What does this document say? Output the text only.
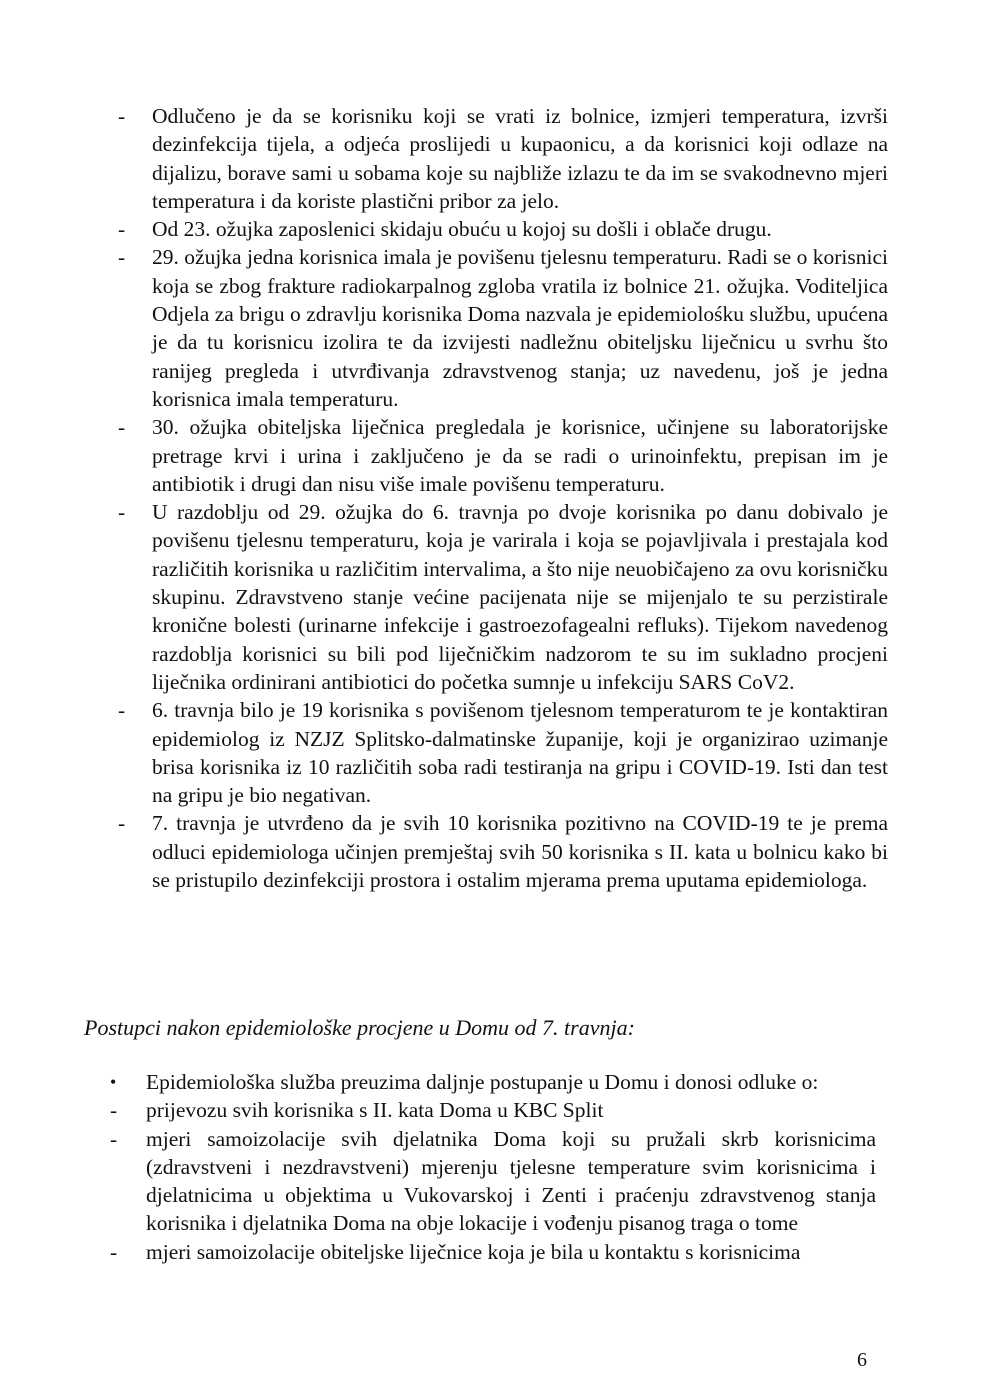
-	Odlučeno je da se korisniku koji se vrati iz bolnice, izmjeri temperatura, izvrši dezinfekcija tijela, a odjeća proslijedi u kupaonicu, a da korisnici koji odlaze na dijalizu, borave sami u sobama koje su najbliže izlazu te da im se svakodnevno mjeri temperatura i da koriste plastični pribor za jelo.
-	Od 23. ožujka zaposlenici skidaju obuću u kojoj su došli i oblače drugu.
-	29. ožujka jedna korisnica imala je povišenu tjelesnu temperaturu. Radi se o korisnici koja se zbog frakture radiokarpalnog zgloba vratila iz bolnice 21. ožujka. Voditeljica Odjela za brigu o zdravlju korisnika Doma nazvala je epidemiolośku službu, upućena je da tu korisnicu izolira te da izvijesti nadležnu obiteljsku liječnicu u svrhu što ranijeg pregleda i utvrđivanja zdravstvenog stanja; uz navedenu, još je jedna korisnica imala temperaturu.
-	30. ožujka obiteljska liječnica pregledala je korisnice, učinjene su laboratorijske pretrage krvi i urina i zaključeno je da se radi o urinoinfektu, prepisan im je antibiotik i drugi dan nisu više imale povišenu temperaturu.
-	U razdoblju od 29. ožujka do 6. travnja po dvoje korisnika po danu dobivalo je povišenu tjelesnu temperaturu, koja je varirala i koja se pojavljivala i prestajala kod različitih korisnika u različitim intervalima, a što nije neuobičajeno za ovu korisničku skupinu. Zdravstveno stanje većine pacijenata nije se mijenjalo te su perzistirale kronične bolesti (urinarne infekcije i gastroezofagealni refluks). Tijekom navedenog razdoblja korisnici su bili pod liječničkim nadzorom te su im sukladno procjeni liječnika ordinirani antibiotici do početka sumnje u infekciju SARS CoV2.
-	6. travnja bilo je 19 korisnika s povišenom tjelesnom temperaturom te je kontaktiran epidemiolog iz NZJZ Splitsko-dalmatinske županije, koji je organizirao uzimanje brisa korisnika iz 10 različitih soba radi testiranja na gripu i COVID-19. Isti dan test na gripu je bio negativan.
-	7. travnja je utvrđeno da je svih 10 korisnika pozitivno na COVID-19 te je prema odluci epidemiologa učinjen premještaj svih 50 korisnika s II. kata u bolnicu kako bi se pristupilo dezinfekciji prostora i ostalim mjerama prema uputama epidemiologa.
Postupci nakon epidemiološke procjene u Domu od 7. travnja:
•	Epidemiološka služba preuzima daljnje postupanje u Domu i donosi odluke o:
-	prijevozu svih korisnika s II. kata Doma u KBC Split
-	mjeri samoizolacije svih djelatnika Doma koji su pružali skrb korisnicima (zdravstveni i nezdravstveni) mjerenju tjelesne temperature svim korisnicima i djelatnicima u objektima u Vukovarskoj i Zenti i praćenju zdravstvenog stanja korisnika i djelatnika Doma na obje lokacije i vođenju pisanog traga o tome
-	mjeri samoizolacije obiteljske liječnice koja je bila u kontaktu s korisnicima
6
